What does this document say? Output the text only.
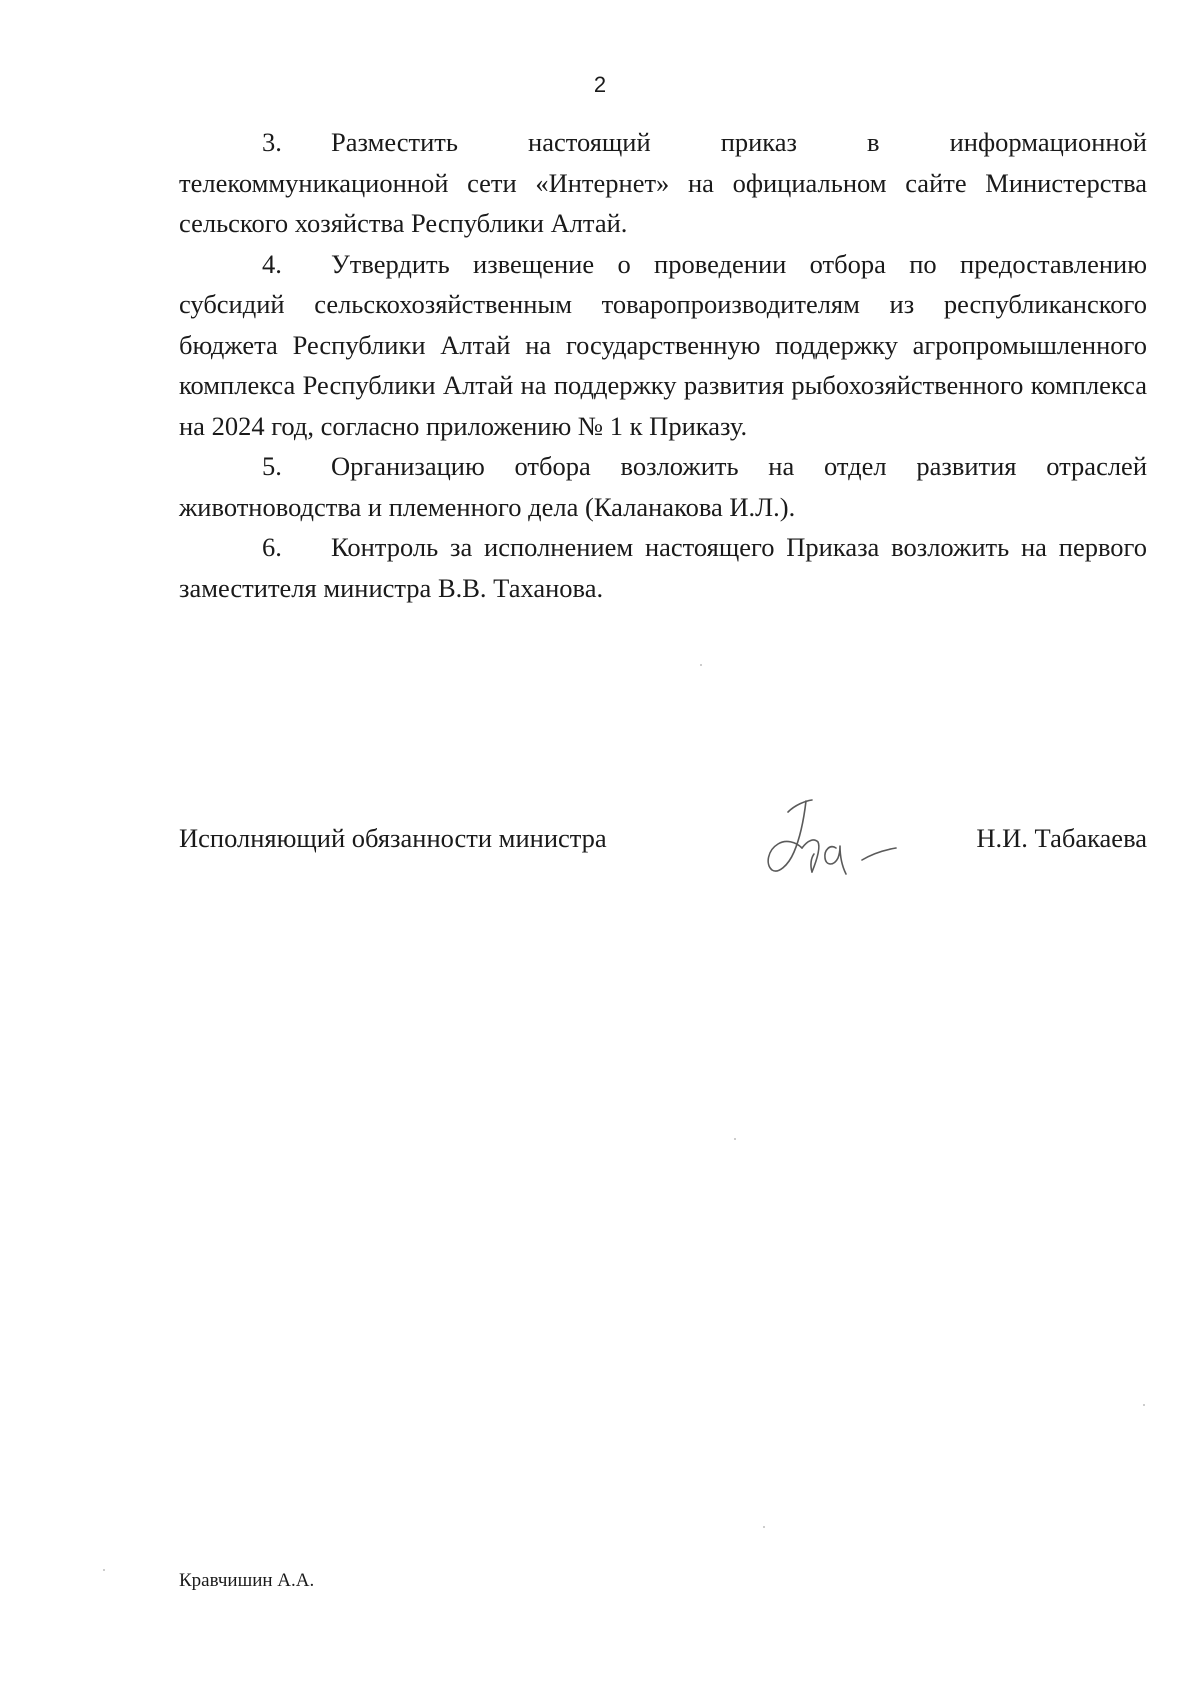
2

3. Разместить настоящий приказ в информационной телекоммуникационной сети «Интернет» на официальном сайте Министерства сельского хозяйства Республики Алтай.

4. Утвердить извещение о проведении отбора по предоставлению субсидий сельскохозяйственным товаропроизводителям из республиканского бюджета Республики Алтай на государственную поддержку агропромышленного комплекса Республики Алтай на поддержку развития рыбохозяйственного комплекса на 2024 год, согласно приложению № 1 к Приказу.

5. Организацию отбора возложить на отдел развития отраслей животноводства и племенного дела (Каланакова И.Л.).

6. Контроль за исполнением настоящего Приказа возложить на первого заместителя министра В.В. Таханова.

Исполняющий обязанности министра	Н.И. Табакаева
Кравчишин А.А.
